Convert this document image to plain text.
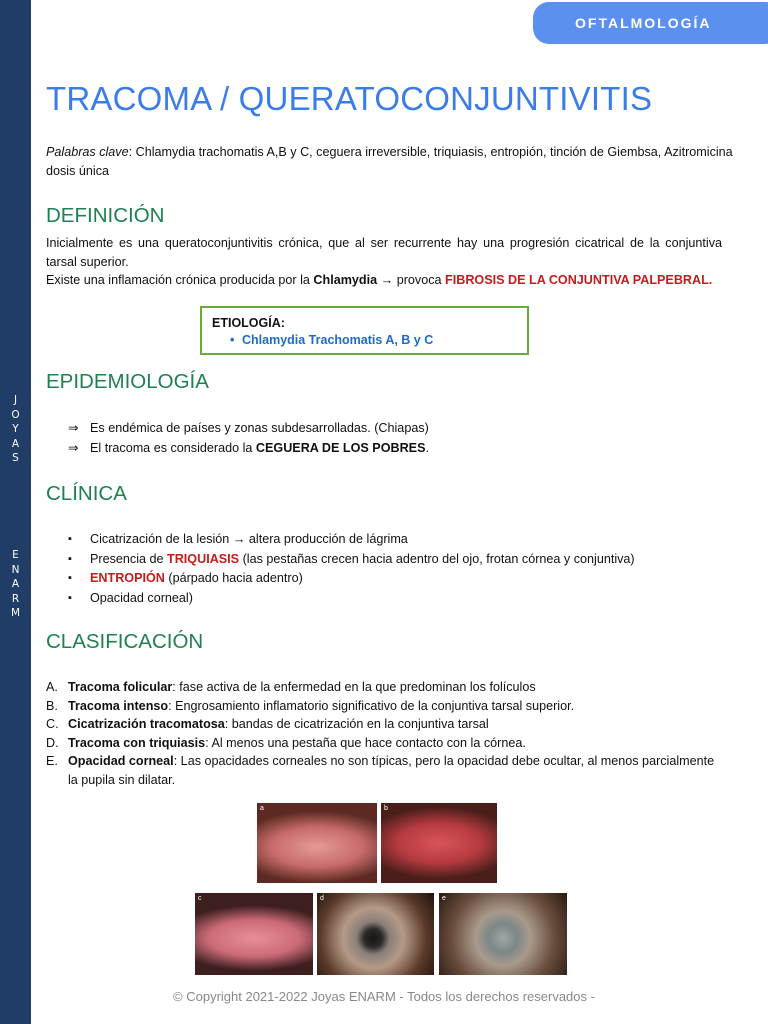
J
O
Y
A
S
E
N
A
R
M
OFTALMOLOGÍA
TRACOMA / QUERATOCONJUNTIVITIS
Palabras clave: Chlamydia trachomatis A,B y C, ceguera irreversible, triquiasis, entropión, tinción de Giembsa, Azitromicina dosis única
DEFINICIÓN
Inicialmente es una queratoconjuntivitis crónica, que al ser recurrente hay una progresión cicatrical de la conjuntiva tarsal superior.
Existe una inflamación crónica producida por la Chlamydia → provoca FIBROSIS DE LA CONJUNTIVA PALPEBRAL.
ETIOLOGÍA:
• Chlamydia Trachomatis A, B y C
EPIDEMIOLOGÍA
⇒ Es endémica de países y zonas subdesarrolladas. (Chiapas)
⇒ El tracoma es considerado la CEGUERA DE LOS POBRES.
CLÍNICA
▪ Cicatrización de la lesión → altera producción de lágrima
▪ Presencia de TRIQUIASIS (las pestañas crecen hacia adentro del ojo, frotan córnea y conjuntiva)
▪ ENTROPIÓN (párpado hacia adentro)
▪ Opacidad corneal)
CLASIFICACIÓN
A. Tracoma folicular: fase activa de la enfermedad en la que predominan los folículos
B. Tracoma intenso: Engrosamiento inflamatorio significativo de la conjuntiva tarsal superior.
C. Cicatrización tracomatosa: bandas de cicatrización en la conjuntiva tarsal
D. Tracoma con triquiasis: Al menos una pestaña que hace contacto con la córnea.
E. Opacidad corneal: Las opacidades corneales no son típicas, pero la opacidad debe ocultar, al menos parcialmente la pupila sin dilatar.
a	b
c	d	e
© Copyright 2021-2022 Joyas ENARM - Todos los derechos reservados -
